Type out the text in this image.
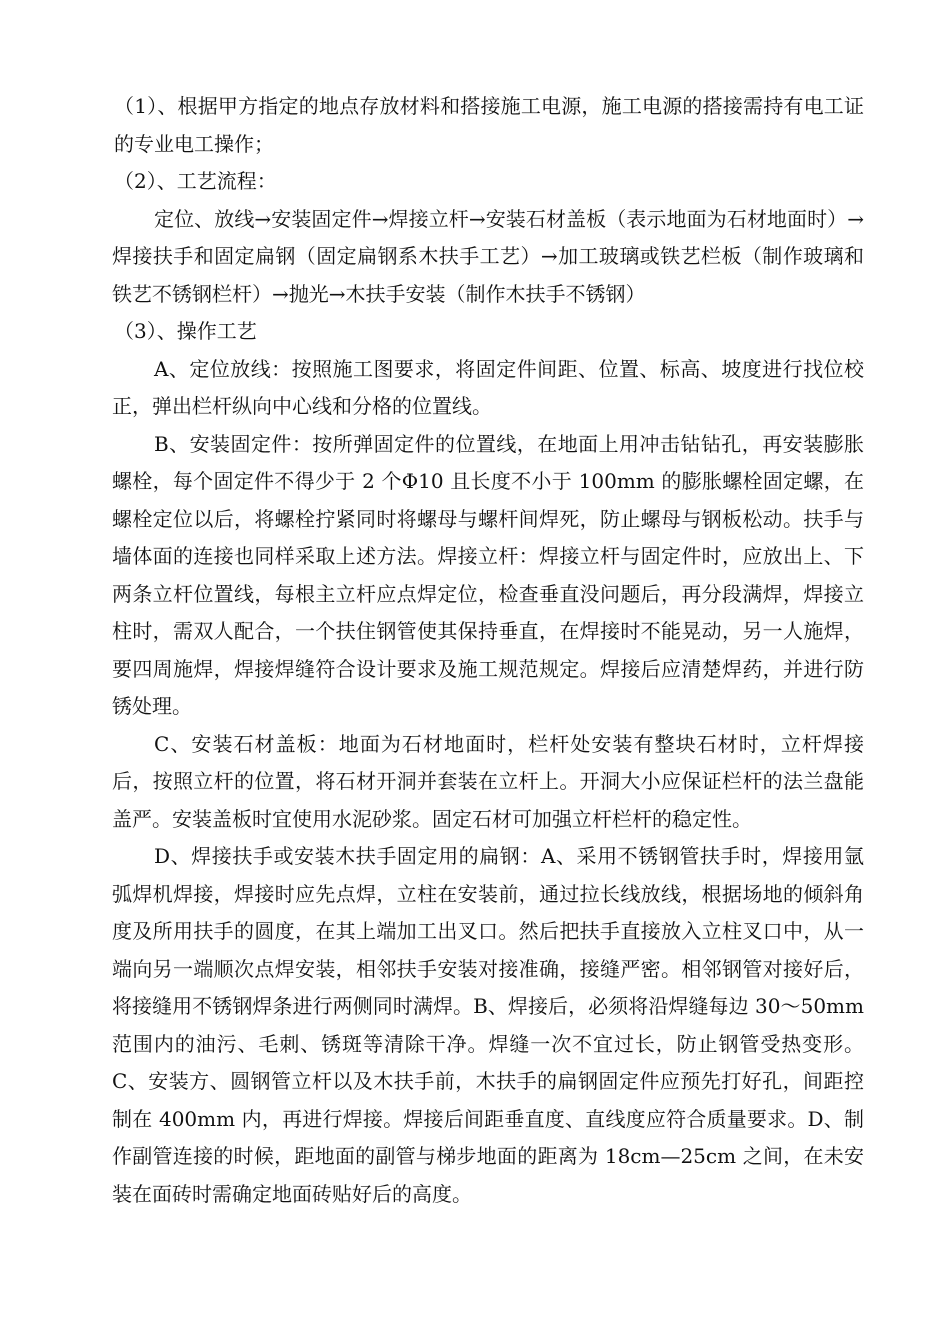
（1）、根据甲方指定的地点存放材料和搭接施工电源，施工电源的搭接需持有电工证的专业电工操作；

（2）、工艺流程：

定位、放线→安装固定件→焊接立杆→安装石材盖板（表示地面为石材地面时）→焊接扶手和固定扁钢（固定扁钢系木扶手工艺）→加工玻璃或铁艺栏板（制作玻璃和铁艺不锈钢栏杆）→抛光→木扶手安装（制作木扶手不锈钢）

（3）、操作工艺

A、定位放线：按照施工图要求，将固定件间距、位置、标高、坡度进行找位校正，弹出栏杆纵向中心线和分格的位置线。

B、安装固定件：按所弹固定件的位置线，在地面上用冲击钻钻孔，再安装膨胀螺栓，每个固定件不得少于 2 个Φ10 且长度不小于 100mm 的膨胀螺栓固定螺，在螺栓定位以后，将螺栓拧紧同时将螺母与螺杆间焊死，防止螺母与钢板松动。扶手与墙体面的连接也同样采取上述方法。焊接立杆：焊接立杆与固定件时，应放出上、下两条立杆位置线，每根主立杆应点焊定位，检查垂直没问题后，再分段满焊，焊接立柱时，需双人配合，一个扶住钢管使其保持垂直，在焊接时不能晃动，另一人施焊，要四周施焊，焊接焊缝符合设计要求及施工规范规定。焊接后应清楚焊药，并进行防锈处理。

C、安装石材盖板：地面为石材地面时，栏杆处安装有整块石材时，立杆焊接后，按照立杆的位置，将石材开洞并套装在立杆上。开洞大小应保证栏杆的法兰盘能盖严。安装盖板时宜使用水泥砂浆。固定石材可加强立杆栏杆的稳定性。

D、焊接扶手或安装木扶手固定用的扁钢：A、采用不锈钢管扶手时，焊接用氩弧焊机焊接，焊接时应先点焊，立柱在安装前，通过拉长线放线，根据场地的倾斜角度及所用扶手的圆度，在其上端加工出叉口。然后把扶手直接放入立柱叉口中，从一端向另一端顺次点焊安装，相邻扶手安装对接准确，接缝严密。相邻钢管对接好后，将接缝用不锈钢焊条进行两侧同时满焊。B、焊接后，必须将沿焊缝每边 30～50mm 范围内的油污、毛刺、锈斑等清除干净。焊缝一次不宜过长，防止钢管受热变形。C、安装方、圆钢管立杆以及木扶手前，木扶手的扁钢固定件应预先打好孔，间距控制在 400mm 内，再进行焊接。焊接后间距垂直度、直线度应符合质量要求。D、制作副管连接的时候，距地面的副管与梯步地面的距离为 18cm—25cm 之间，在未安装在面砖时需确定地面砖贴好后的高度。
